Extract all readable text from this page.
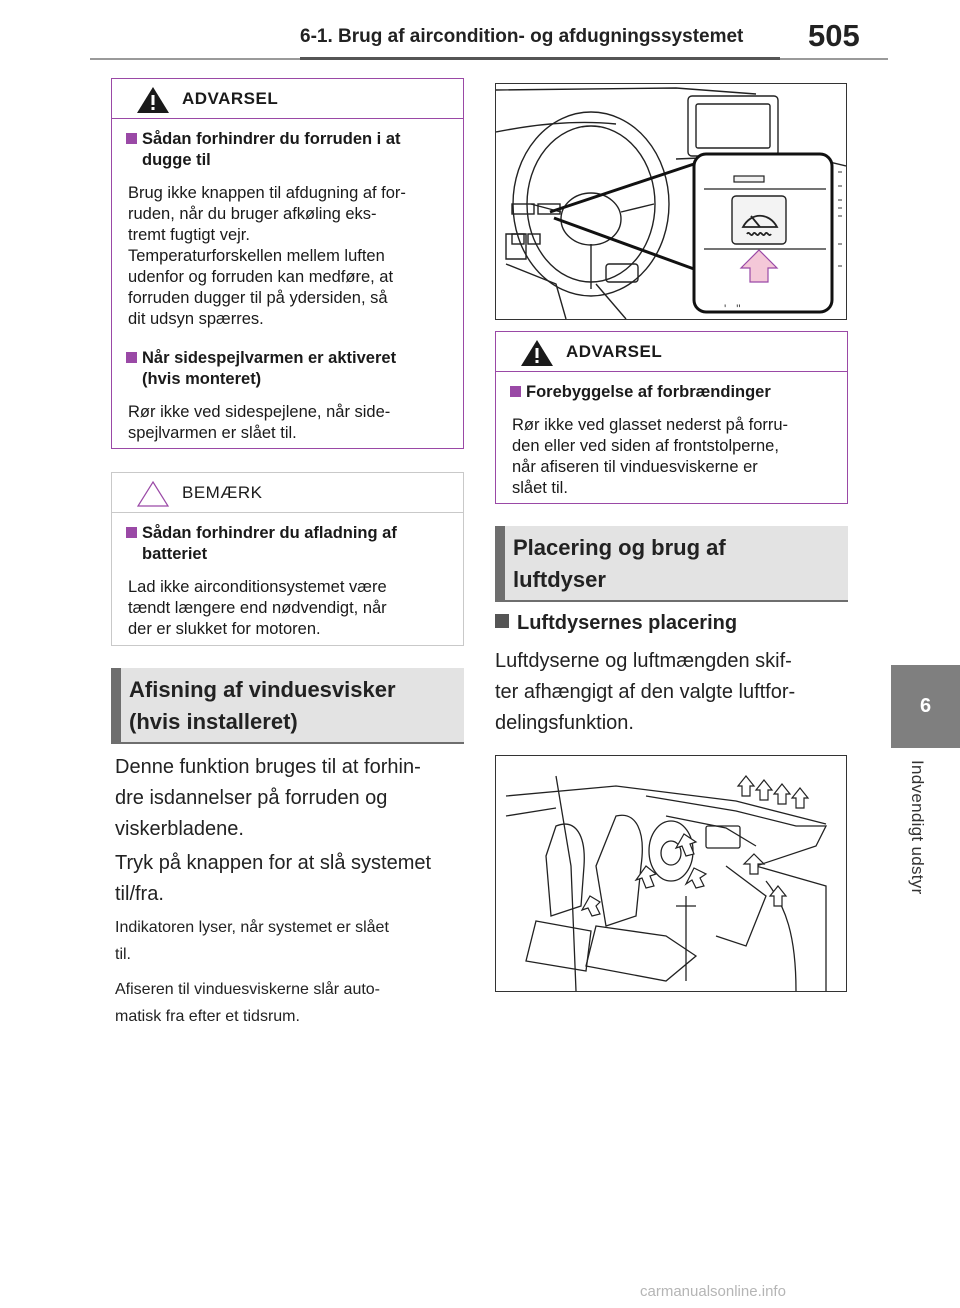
6-1. Brug af aircondition- og afdugningssystemet 505
6
Indvendigt udstyr
ADVARSEL
Sådan forhindrer du forruden i at
dugge til
Brug ikke knappen til afdugning af for-
ruden, når du bruger afkøling eks-
tremt fugtigt vejr.
Temperaturforskellen mellem luften
udenfor og forruden kan medføre, at
forruden dugger til på ydersiden, så
dit udsyn spærres.
Når sidespejlvarmen er aktiveret
(hvis monteret)
Rør ikke ved sidespejlene, når side-
spejlvarmen er slået til.
BEMÆRK
Sådan forhindrer du afladning af
batteriet
Lad ikke airconditionsystemet være
tændt længere end nødvendigt, når
der er slukket for motoren.
Afisning af vinduesvisker
(hvis installeret)
Denne funktion bruges til at forhin-
dre isdannelser på forruden og
viskerbladene.
Tryk på knappen for at slå systemet
til/fra.
Indikatoren lyser, når systemet er slået
til.
Afiseren til vinduesviskerne slår auto-
matisk fra efter et tidsrum.
'   "
ADVARSEL
Forebyggelse af forbrændinger
Rør ikke ved glasset nederst på forru-
den eller ved siden af frontstolperne,
når afiseren til vinduesviskerne er
slået til.
Placering og brug af
luftdyser
Luftdysernes placering
Luftdyserne og luftmængden skif-
ter afhængigt af den valgte luftfor-
delingsfunktion.
carmanualsonline.info
